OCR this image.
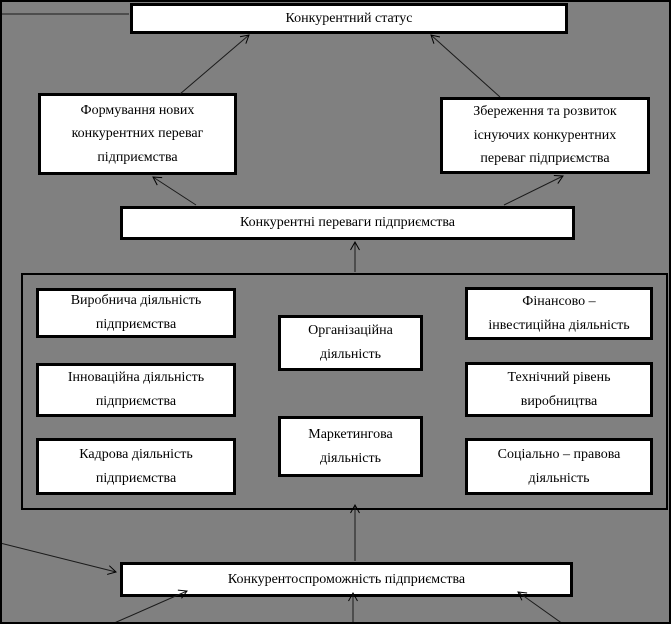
Конкурентний статус
Формування нових
конкурентних переваг
підприємства
Збереження та розвиток
існуючих конкурентних
переваг підприємства
Конкурентні переваги підприємства
Виробнича діяльність
підприємства
Інноваційна діяльність
підприємства
Кадрова діяльність
підприємства
Організаційна
діяльність
Маркетингова
діяльність
Фінансово –
інвестиційна діяльність
Технічний рівень
виробництва
Соціально – правова
діяльність
Конкурентоспроможність підприємства
